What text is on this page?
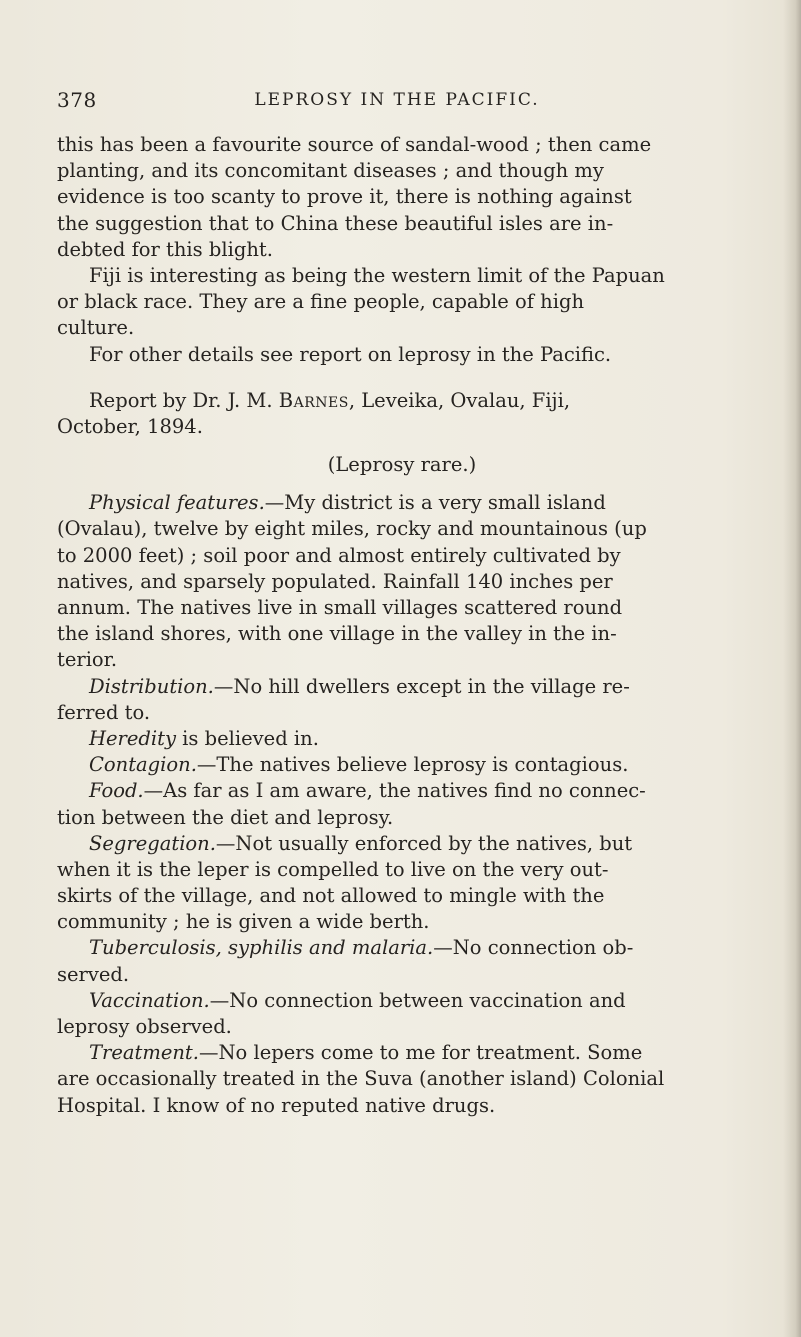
378	LEPROSY IN THE PACIFIC.
this has been a favourite source of sandal-wood ; then came
planting, and its concomitant diseases ; and though my
evidence is too scanty to prove it, there is nothing against
the suggestion that to China these beautiful isles are in-
debted for this blight.
Fiji is interesting as being the western limit of the Papuan
or black race. They are a fine people, capable of high
culture.
For other details see report on leprosy in the Pacific.
Report by Dr. J. M. Barnes, Leveika, Ovalau, Fiji,
October, 1894.
(Leprosy rare.)
Physical features.—My district is a very small island
(Ovalau), twelve by eight miles, rocky and mountainous (up
to 2000 feet) ; soil poor and almost entirely cultivated by
natives, and sparsely populated. Rainfall 140 inches per
annum. The natives live in small villages scattered round
the island shores, with one village in the valley in the in-
terior.
Distribution.—No hill dwellers except in the village re-
ferred to.
Heredity is believed in.
Contagion.—The natives believe leprosy is contagious.
Food.—As far as I am aware, the natives find no connec-
tion between the diet and leprosy.
Segregation.—Not usually enforced by the natives, but
when it is the leper is compelled to live on the very out-
skirts of the village, and not allowed to mingle with the
community ; he is given a wide berth.
Tuberculosis, syphilis and malaria.—No connection ob-
served.
Vaccination.—No connection between vaccination and
leprosy observed.
Treatment.—No lepers come to me for treatment. Some
are occasionally treated in the Suva (another island) Colonial
Hospital. I know of no reputed native drugs.
